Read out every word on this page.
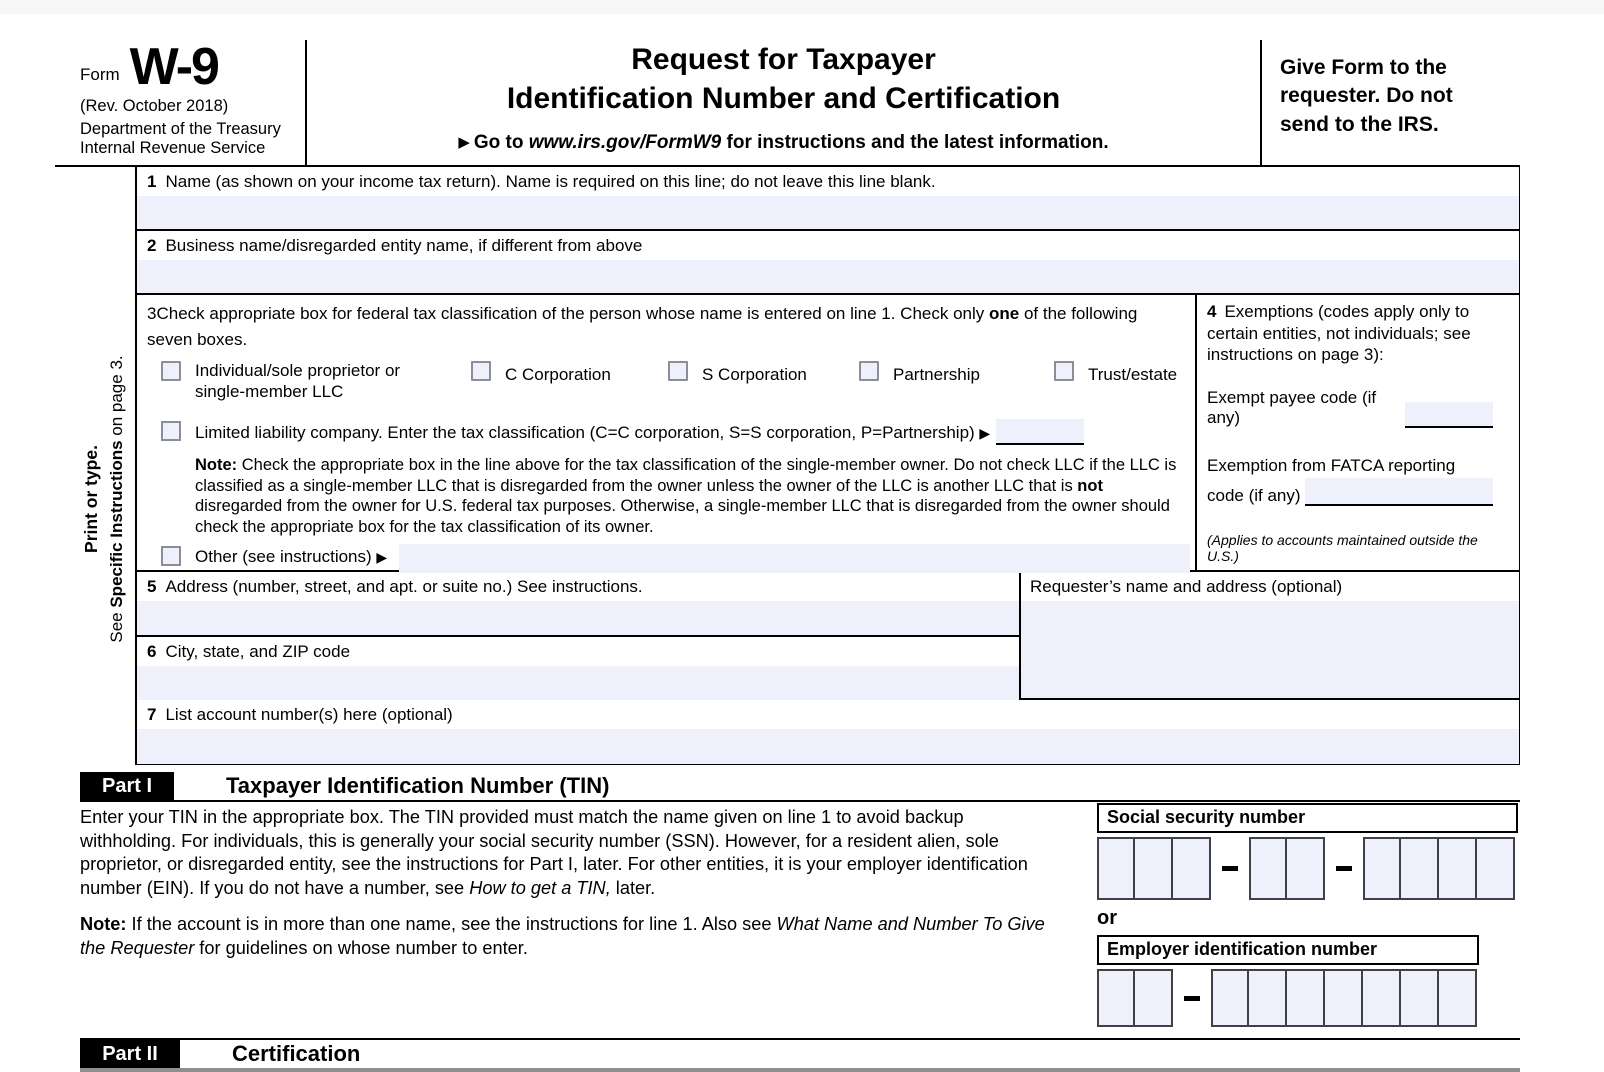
Form W-9
(Rev. October 2018)
Department of the Treasury
Internal Revenue Service
Request for Taxpayer
Identification Number and Certification
▶ Go to www.irs.gov/FormW9 for instructions and the latest information.
Give Form to the requester. Do not send to the IRS.
Print or type.
See Specific Instructions on page 3.
1 Name (as shown on your income tax return). Name is required on this line; do not leave this line blank.
2 Business name/disregarded entity name, if different from above
3Check appropriate box for federal tax classification of the person whose name is entered on line 1. Check only one of the following seven boxes.
Individual/sole proprietor or single-member LLC
C Corporation	S Corporation	Partnership	Trust/estate
Limited liability company. Enter the tax classification (C=C corporation, S=S corporation, P=Partnership) ▶
Note: Check the appropriate box in the line above for the tax classification of the single-member owner. Do not check LLC if the LLC is classified as a single-member LLC that is disregarded from the owner unless the owner of the LLC is another LLC that is not disregarded from the owner for U.S. federal tax purposes. Otherwise, a single-member LLC that is disregarded from the owner should check the appropriate box for the tax classification of its owner.
Other (see instructions) ▶
4 Exemptions (codes apply only to certain entities, not individuals; see instructions on page 3):
Exempt payee code (if any)
Exemption from FATCA reporting
code (if any)
(Applies to accounts maintained outside the U.S.)
5 Address (number, street, and apt. or suite no.) See instructions.
6 City, state, and ZIP code
Requester’s name and address (optional)
7 List account number(s) here (optional)
Part I	Taxpayer Identification Number (TIN)
Enter your TIN in the appropriate box. The TIN provided must match the name given on line 1 to avoid backup withholding. For individuals, this is generally your social security number (SSN). However, for a resident alien, sole proprietor, or disregarded entity, see the instructions for Part I, later. For other entities, it is your employer identification number (EIN). If you do not have a number, see How to get a TIN, later.
Note: If the account is in more than one name, see the instructions for line 1. Also see What Name and Number To Give the Requester for guidelines on whose number to enter.
Social security number
or
Employer identification number
Part II	Certification
